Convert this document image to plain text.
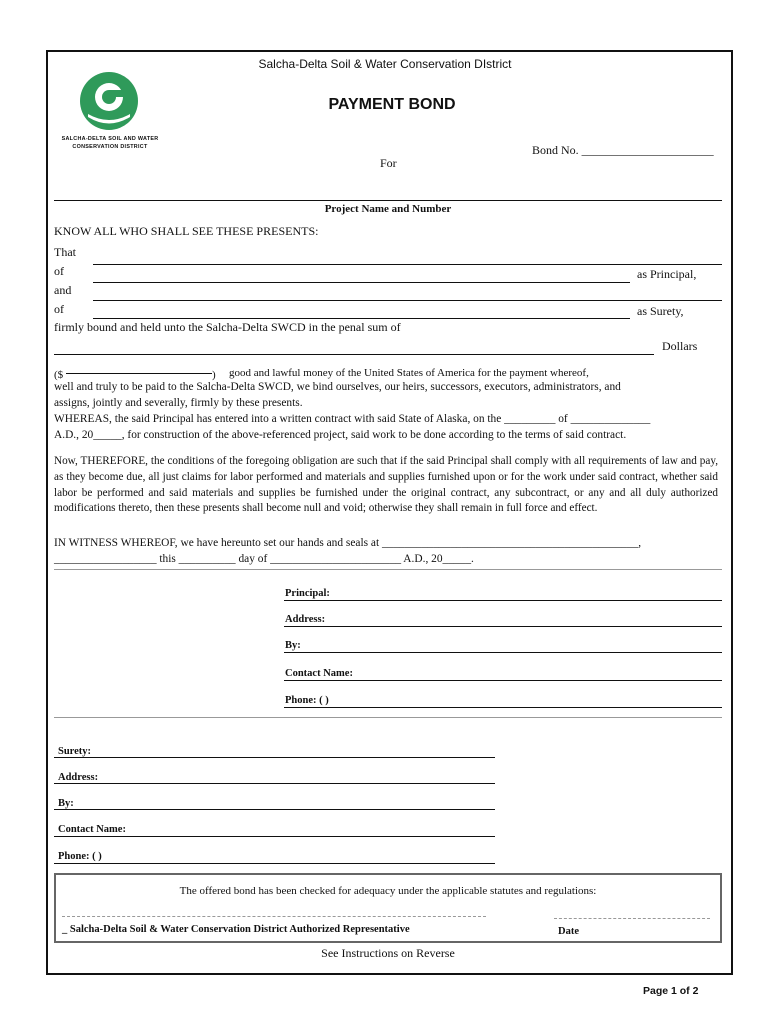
Salcha-Delta Soil & Water Conservation DIstrict
PAYMENT BOND
SALCHA-DELTA SOIL AND WATER
CONSERVATION DISTRICT	Bond No. ______________________
For
Project Name and Number
KNOW ALL WHO SHALL SEE THESE PRESENTS:
That
of	as Principal,
and
of	as Surety,
firmly bound and held unto the Salcha-Delta SWCD in the penal sum of
Dollars
($	) good and lawful money of the United States of America for the payment whereof,
well and truly to be paid to the Salcha-Delta SWCD, we bind ourselves, our heirs, successors, executors, administrators, and
assigns, jointly and severally, firmly by these presents.
WHEREAS, the said Principal has entered into a written contract with said State of Alaska, on the _________ of ______________
A.D., 20_____, for construction of the above-referenced project, said work to be done according to the terms of said contract.
Now, THEREFORE, the conditions of the foregoing obligation are such that if the said Principal shall comply with all requirements of law and pay, as they become due, all just claims for labor performed and materials and supplies furnished upon or for the work under said contract, whether said labor be performed and said materials and supplies be furnished under the original contract, any subcontract, or any and all duly authorized modifications thereto, then these presents shall become null and void; otherwise they shall remain in full force and effect.
IN WITNESS WHEREOF, we have hereunto set our hands and seals at _____________________________________________,
__________________ this __________ day of _______________________ A.D., 20_____.
Principal:
Address:
By:
Contact Name:
Phone: ( )
Surety:
Address:
By:
Contact Name:
Phone: ( )
The offered bond has been checked for adequacy under the applicable statutes and regulations:
_ Salcha-Delta Soil & Water Conservation District Authorized Representative	Date
See Instructions on Reverse
Page 1 of 2
